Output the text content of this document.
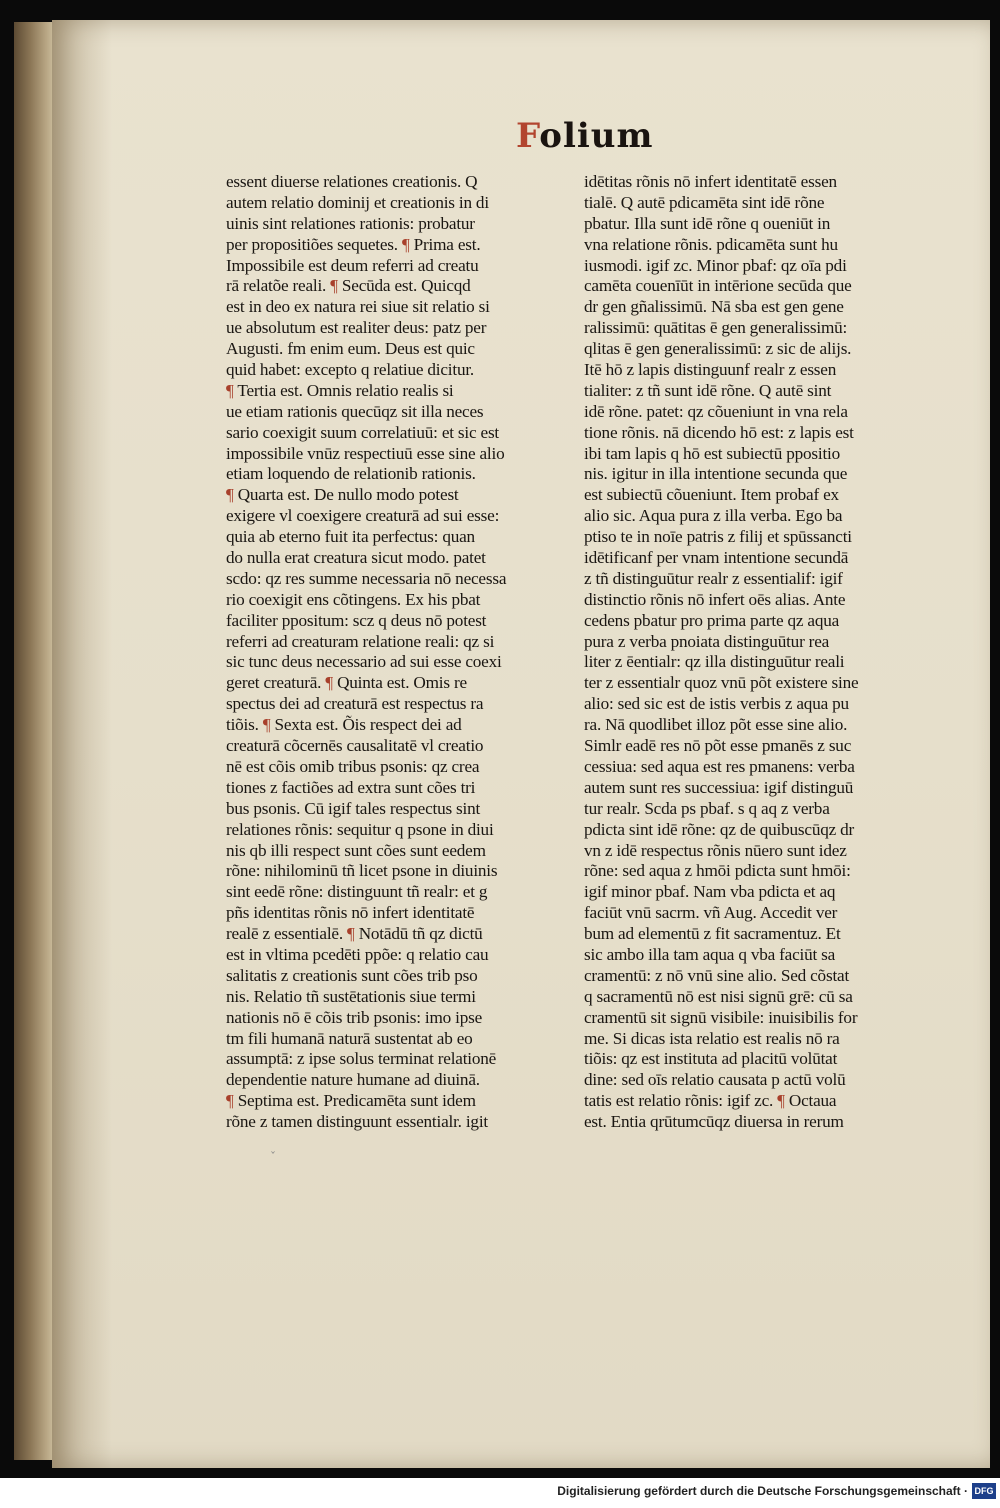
Folium
essent diuerse relationes creationis. Q
autem relatio dominij et creationis in di
uinis sint relationes rationis: probatur
per propositiões sequetes. ¶ Prima est.
Impossibile est deum referri ad creatu
rā relatõe reali. ¶ Secūda est. Quicqd
est in deo ex natura rei siue sit relatio si
ue absolutum est realiter deus: patz per
Augusti. fm enim eum. Deus est quic
quid habet: excepto q relatiue dicitur.
¶ Tertia est. Omnis relatio realis si
ue etiam rationis quecūqz sit illa neces
sario coexigit suum correlatiuū: et sic est
impossibile vnūz respectiuū esse sine alio
etiam loquendo de relationib rationis.
¶ Quarta est. De nullo modo potest
exigere vl coexigere creaturā ad sui esse:
quia ab eterno fuit ita perfectus: quan
do nulla erat creatura sicut modo. patet
scdo: qz res summe necessaria nō necessa
rio coexigit ens cõtingens. Ex his pbat
faciliter ppositum: scz q deus nō potest
referri ad creaturam relatione reali: qz si
sic tunc deus necessario ad sui esse coexi
geret creaturā. ¶ Quinta est. Omis re
spectus dei ad creaturā est respectus ra
tiõis. ¶ Sexta est. Õis respect dei ad
creaturā cõcernēs causalitatē vl creatio
nē est cõis omib tribus psonis: qz crea
tiones z factiões ad extra sunt cões tri
bus psonis. Cū igif tales respectus sint
relationes rõnis: sequitur q psone in diui
nis qb illi respect sunt cões sunt eedem
rõne: nihilominū tñ licet psone in diuinis
sint eedē rõne: distinguunt tñ realr: et g
pñs identitas rõnis nō infert identitatē
realē z essentialē. ¶ Notādū tñ qz dictū
est in vltima pcedēti ppõe: q relatio cau
salitatis z creationis sunt cões trib pso
nis. Relatio tñ sustētationis siue termi
nationis nō ē cõis trib psonis: imo ipse
tm fili humanā naturā sustentat ab eo
assumptā: z ipse solus terminat relationē
dependentie nature humane ad diuinā.
¶ Septima est. Predicamēta sunt idem
rõne z tamen distinguunt essentialr. igit
idētitas rõnis nō infert identitatē essen
tialē. Q autē pdicamēta sint idē rõne
pbatur. Illa sunt idē rõne q oueniūt in
vna relatione rõnis. pdicamēta sunt hu
iusmodi. igif zc. Minor pbaf: qz oīa pdi
camēta couenīūt in intērione secūda que
dr gen gñalissimū. Nā sba est gen gene
ralissimū: quātitas ē gen generalissimū:
qlitas ē gen generalissimū: z sic de alijs.
Itē hō z lapis distinguunf realr z essen
tialiter: z tñ sunt idē rõne. Q autē sint
idē rõne. patet: qz cõueniunt in vna rela
tione rõnis. nā dicendo hō est: z lapis est
ibi tam lapis q hō est subiectū ppositio
nis. igitur in illa intentione secunda que
est subiectū cõueniunt. Item probaf ex
alio sic. Aqua pura z illa verba. Ego ba
ptiso te in noīe patris z filij et spūssancti
idētificanf per vnam intentione secundā
z tñ distinguūtur realr z essentialif: igif
distinctio rõnis nō infert oēs alias. Ante
cedens pbatur pro prima parte qz aqua
pura z verba pnoiata distinguūtur rea
liter z ēentialr: qz illa distinguūtur reali
ter z essentialr quoz vnū põt existere sine
alio: sed sic est de istis verbis z aqua pu
ra. Nā quodlibet illoz põt esse sine alio.
Simlr eadē res nō põt esse pmanēs z suc
cessiua: sed aqua est res pmanens: verba
autem sunt res successiua: igif distinguū
tur realr. Scda ps pbaf. s q aq z verba
pdicta sint idē rõne: qz de quibuscūqz dr
vn z idē respectus rõnis nūero sunt idez
rõne: sed aqua z hmōi pdicta sunt hmōi:
igif minor pbaf. Nam vba pdicta et aq
faciūt vnū sacrm. vñ Aug. Accedit ver
bum ad elementū z fit sacramentuz. Et
sic ambo illa tam aqua q vba faciūt sa
cramentū: z nō vnū sine alio. Sed cõstat
q sacramentū nō est nisi signū grē: cū sa
cramentū sit signū visibile: inuisibilis for
me. Si dicas ista relatio est realis nō ra
tiõis: qz est instituta ad placitū volūtat
dine: sed oīs relatio causata p actū volū
tatis est relatio rõnis: igif zc. ¶ Octaua
est. Entia qrūtumcūqz diuersa in rerum
ˇ
Digitalisierung gefördert durch die Deutsche Forschungsgemeinschaft · DFG
